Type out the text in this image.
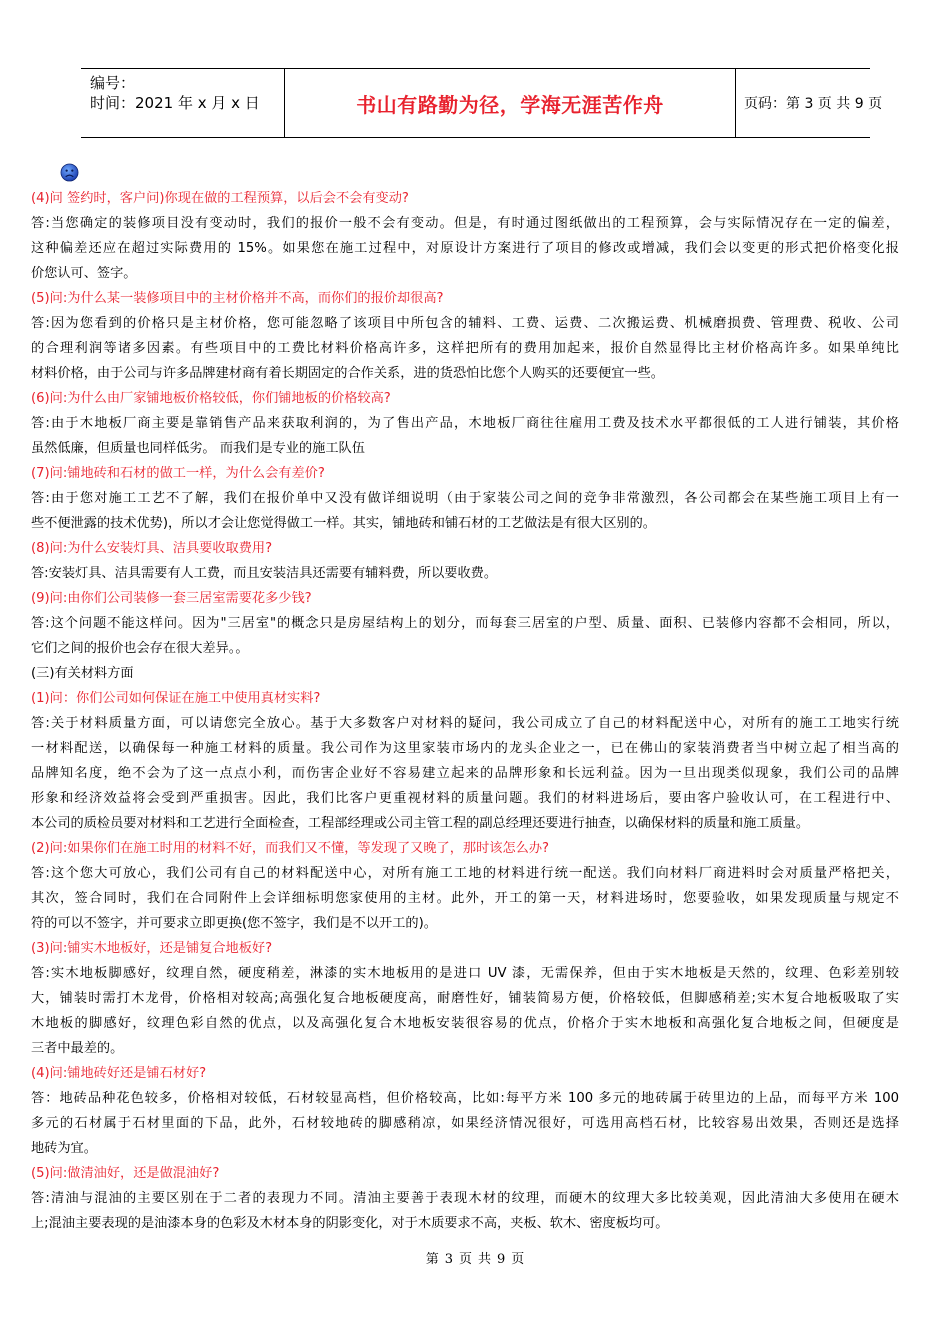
编号：
时间：2021 年 x 月 x 日	书山有路勤为径，学海无涯苦作舟	页码：第 3 页 共 9 页
(4)问 签约时，客户问)你现在做的工程预算，以后会不会有变动?
答:当您确定的装修项目没有变动时，我们的报价一般不会有变动。但是，有时通过图纸做出的工程预算，会与实际情况存在一定的偏差，
这种偏差还应在超过实际费用的 15%。如果您在施工过程中，对原设计方案进行了项目的修改或增减，我们会以变更的形式把价格变化报
价您认可、签字。
(5)问:为什么某一装修项目中的主材价格并不高，而你们的报价却很高?
答:因为您看到的价格只是主材价格，您可能忽略了该项目中所包含的辅料、工费、运费、二次搬运费、机械磨损费、管理费、税收、公司
的合理利润等诸多因素。有些项目中的工费比材料价格高许多，这样把所有的费用加起来，报价自然显得比主材价格高许多。如果单纯比
材料价格，由于公司与许多品牌建材商有着长期固定的合作关系，进的货恐怕比您个人购买的还要便宜一些。
(6)问:为什么由厂家铺地板价格较低，你们铺地板的价格较高?
答:由于木地板厂商主要是靠销售产品来获取利润的，为了售出产品，木地板厂商往往雇用工费及技术水平都很低的工人进行铺装，其价格
虽然低廉，但质量也同样低劣。 而我们是专业的施工队伍
(7)问:铺地砖和石材的做工一样，为什么会有差价?
答:由于您对施工工艺不了解，我们在报价单中又没有做详细说明（由于家装公司之间的竞争非常激烈，各公司都会在某些施工项目上有一
些不便泄露的技术优势)，所以才会让您觉得做工一样。其实，铺地砖和铺石材的工艺做法是有很大区别的。
(8)问:为什么安装灯具、洁具要收取费用?
答:安装灯具、洁具需要有人工费，而且安装洁具还需要有辅料费，所以要收费。
(9)问:由你们公司装修一套三居室需要花多少钱?
答:这个问题不能这样问。因为"三居室"的概念只是房屋结构上的划分，而每套三居室的户型、质量、面积、已装修内容都不会相同，所以，
它们之间的报价也会存在很大差异。。
(三)有关材料方面
(1)问：你们公司如何保证在施工中使用真材实料?
答:关于材料质量方面，可以请您完全放心。基于大多数客户对材料的疑问，我公司成立了自己的材料配送中心，对所有的施工工地实行统
一材料配送，以确保每一种施工材料的质量。我公司作为这里家装市场内的龙头企业之一，已在佛山的家装消费者当中树立起了相当高的
品牌知名度，绝不会为了这一点点小利，而伤害企业好不容易建立起来的品牌形象和长远利益。因为一旦出现类似现象，我们公司的品牌
形象和经济效益将会受到严重损害。因此，我们比客户更重视材料的质量问题。我们的材料进场后，要由客户验收认可，在工程进行中、
本公司的质检员要对材料和工艺进行全面检查，工程部经理或公司主管工程的副总经理还要进行抽查，以确保材料的质量和施工质量。
(2)问:如果你们在施工时用的材料不好，而我们又不懂，等发现了又晚了，那时该怎么办?
答:这个您大可放心，我们公司有自己的材料配送中心，对所有施工工地的材料进行统一配送。我们向材料厂商进料时会对质量严格把关，
其次，签合同时，我们在合同附件上会详细标明您家使用的主材。此外，开工的第一天，材料进场时，您要验收，如果发现质量与规定不
符的可以不签字，并可要求立即更换(您不签字，我们是不以开工的)。
(3)问:铺实木地板好，还是铺复合地板好?
答:实木地板脚感好，纹理自然，硬度稍差，淋漆的实木地板用的是进口 UV 漆，无需保养，但由于实木地板是天然的，纹理、色彩差别较
大，铺装时需打木龙骨，价格相对较高;高强化复合地板硬度高，耐磨性好，铺装简易方便，价格较低，但脚感稍差;实木复合地板吸取了实
木地板的脚感好，纹理色彩自然的优点，以及高强化复合木地板安装很容易的优点，价格介于实木地板和高强化复合地板之间，但硬度是
三者中最差的。
(4)问:铺地砖好还是铺石材好?
答：地砖品种花色较多，价格相对较低，石材较显高档，但价格较高，比如:每平方米 100 多元的地砖属于砖里边的上品，而每平方米 100
多元的石材属于石材里面的下品，此外，石材较地砖的脚感稍凉，如果经济情况很好，可选用高档石材，比较容易出效果，否则还是选择
地砖为宜。
(5)问:做清油好，还是做混油好?
答:清油与混油的主要区别在于二者的表现力不同。清油主要善于表现木材的纹理，而硬木的纹理大多比较美观，因此清油大多使用在硬木
上;混油主要表现的是油漆本身的色彩及木材本身的阴影变化，对于木质要求不高，夹板、软木、密度板均可。
第 3 页 共 9 页
